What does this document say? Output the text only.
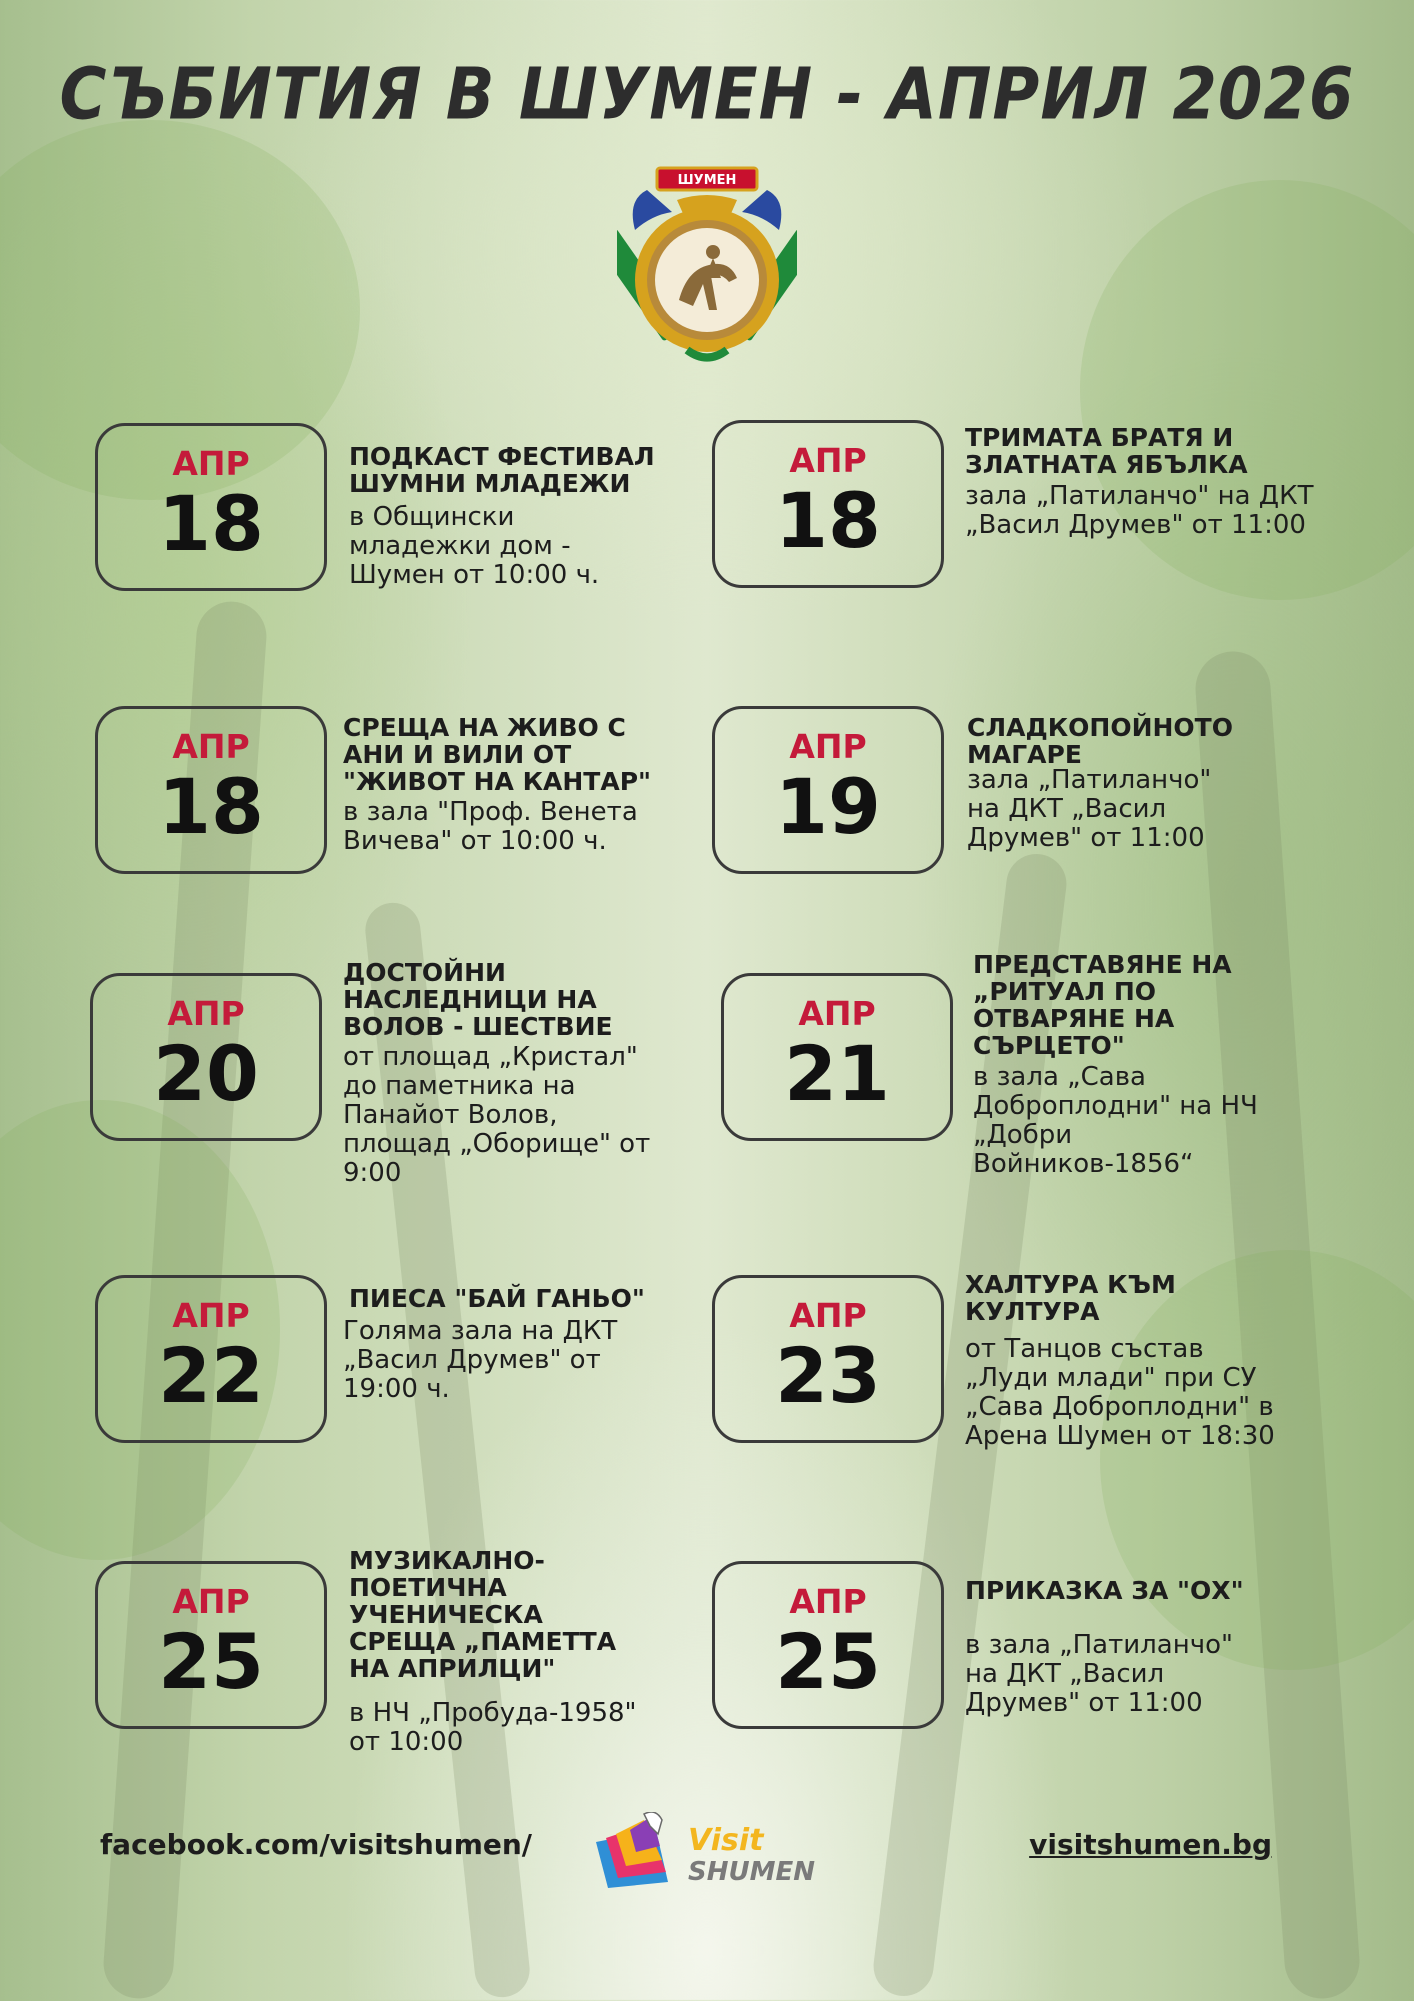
СЪБИТИЯ В ШУМЕН - АПРИЛ 2026
ШУМЕН
АПР
18
ПОДКАСТ ФЕСТИВАЛ ШУМНИ МЛАДЕЖИ
в Общински младежки дом - Шумен от 10:00 ч.
АПР
18
ТРИМАТА БРАТЯ И ЗЛАТНАТА ЯБЪЛКА
зала „Патиланчо" на ДКТ „Васил Друмев" от 11:00
АПР
18
СРЕЩА НА ЖИВО С АНИ И ВИЛИ ОТ "ЖИВОТ НА КАНТАР"
в зала "Проф. Венета Вичева" от 10:00 ч.
АПР
19
СЛАДКОПОЙНОТО МАГАРЕ
зала „Патиланчо" на ДКТ „Васил Друмев" от 11:00
АПР
20
ДОСТОЙНИ НАСЛЕДНИЦИ НА ВОЛОВ - ШЕСТВИЕ
от площад „Кристал" до паметника на Панайот Волов, площад „Оборище" от 9:00
АПР
21
ПРЕДСТАВЯНЕ НА „РИТУАЛ ПО ОТВАРЯНЕ НА СЪРЦЕТО"
в зала „Сава Доброплодни" на НЧ „Добри Войников-1856“
АПР
22
ПИЕСА "БАЙ ГАНЬО"
Голяма зала на ДКТ „Васил Друмев" от 19:00 ч.
АПР
23
ХАЛТУРА КЪМ КУЛТУРА
от Танцов състав „Луди млади" при СУ „Сава Доброплодни" в Арена Шумен от 18:30
АПР
25
МУЗИКАЛНО-ПОЕТИЧНА УЧЕНИЧЕСКА СРЕЩА „ПАМЕТТА НА АПРИЛЦИ"
в НЧ „Пробуда-1958" от 10:00
АПР
25
ПРИКАЗКА ЗА "ОХ"
в зала „Патиланчо" на ДКТ „Васил Друмев" от 11:00
facebook.com/visitshumen/	Visit
SHUMEN
visitshumen.bg
